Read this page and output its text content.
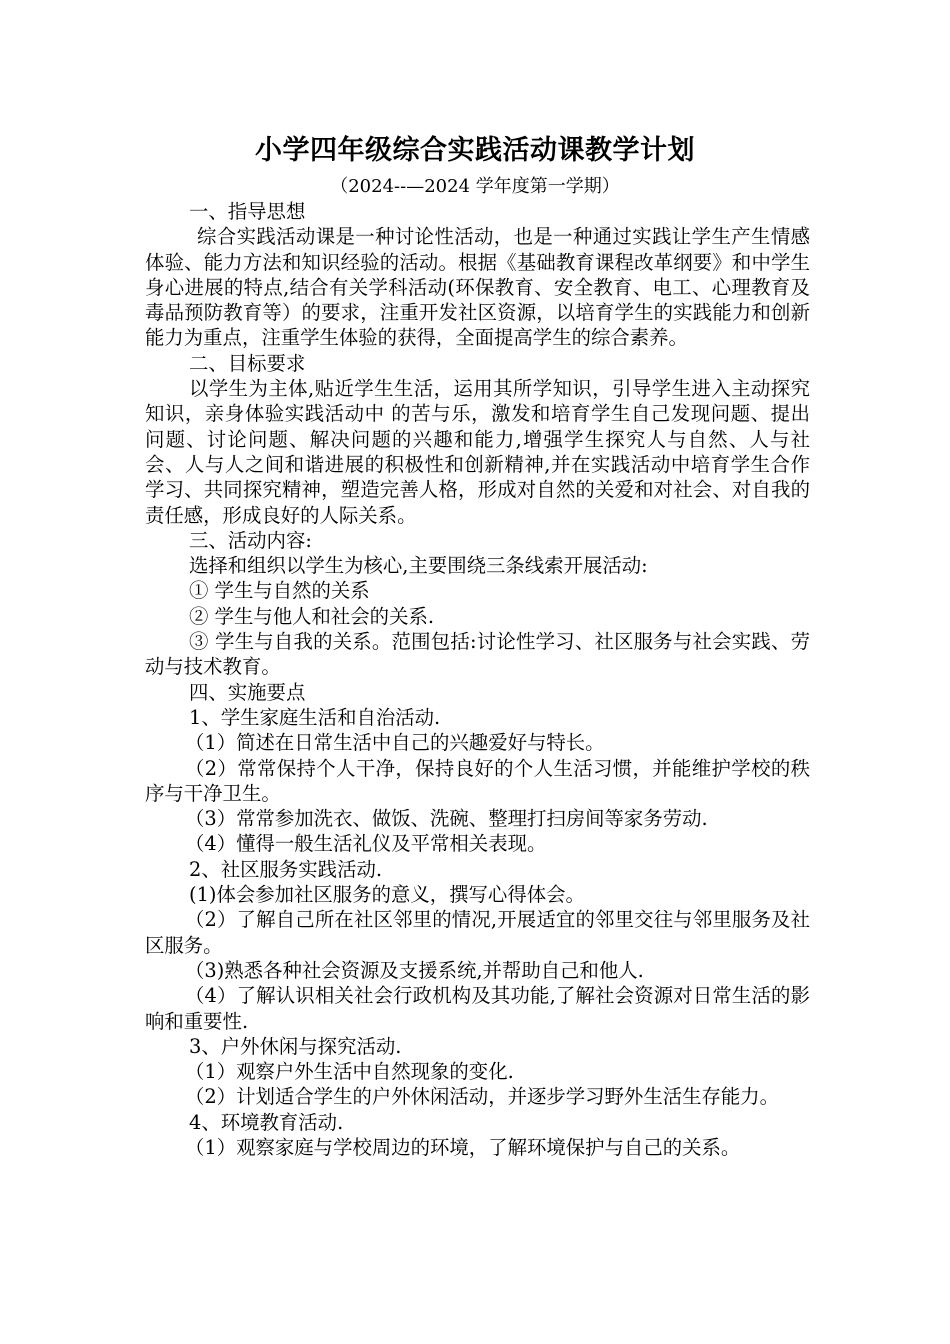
小学四年级综合实践活动课教学计划
（2024--—2024 学年度第一学期）

一、指导思想

综合实践活动课是一种讨论性活动，也是一种通过实践让学生产生情感体验、能力方法和知识经验的活动。根据《基础教育课程改革纲要》和中学生身心进展的特点,结合有关学科活动(环保教育、安全教育、电工、心理教育及毒品预防教育等）的要求，注重开发社区资源，以培育学生的实践能力和创新能力为重点，注重学生体验的获得，全面提高学生的综合素养。

二、目标要求

以学生为主体,贴近学生生活，运用其所学知识，引导学生进入主动探究知识，亲身体验实践活动中 的苦与乐，激发和培育学生自己发现问题、提出问题、讨论问题、解决问题的兴趣和能力,增强学生探究人与自然、人与社会、人与人之间和谐进展的积极性和创新精神,并在实践活动中培育学生合作学习、共同探究精神，塑造完善人格，形成对自然的关爱和对社会、对自我的责任感，形成良好的人际关系。

三、活动内容:

选择和组织以学生为核心,主要围绕三条线索开展活动:

① 学生与自然的关系

② 学生与他人和社会的关系.

③ 学生与自我的关系。范围包括:讨论性学习、社区服务与社会实践、劳动与技术教育。

四、实施要点

1、学生家庭生活和自治活动.

（1）简述在日常生活中自己的兴趣爱好与特长。

（2）常常保持个人干净，保持良好的个人生活习惯，并能维护学校的秩序与干净卫生。

（3）常常参加洗衣、做饭、洗碗、整理打扫房间等家务劳动.

（4）懂得一般生活礼仪及平常相关表现。

2、社区服务实践活动.

(1)体会参加社区服务的意义，撰写心得体会。

（2）了解自己所在社区邻里的情况,开展适宜的邻里交往与邻里服务及社区服务。

（3)熟悉各种社会资源及支援系统,并帮助自己和他人.

（4）了解认识相关社会行政机构及其功能,了解社会资源对日常生活的影响和重要性.

3、户外休闲与探究活动.

（1）观察户外生活中自然现象的变化.

（2）计划适合学生的户外休闲活动，并逐步学习野外生活生存能力。

4、环境教育活动.

（1）观察家庭与学校周边的环境，了解环境保护与自己的关系。
